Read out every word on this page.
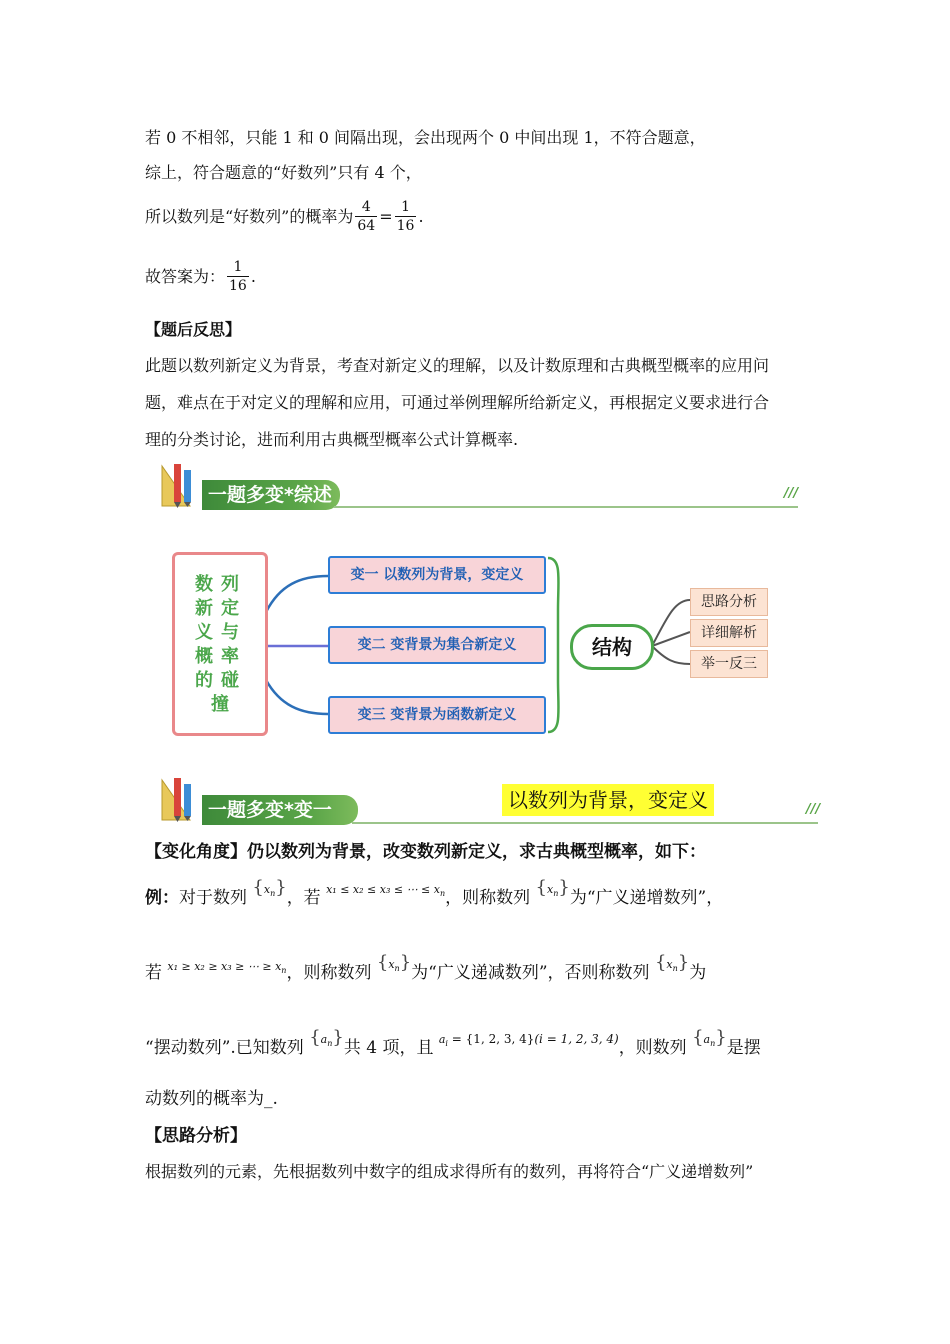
若 0 不相邻，只能 1 和 0 间隔出现，会出现两个 0 中间出现 1，不符合题意，
综上，符合题意的“好数列”只有 4 个，
所以数列是“好数列”的概率为 $\frac{4}{64} = \frac{1}{16}$ .
故答案为： $\frac{1}{16}$ .
【题后反思】
此题以数列新定义为背景，考查对新定义的理解，以及计数原理和古典概型概率的应用问
题，难点在于对定义的理解和应用，可通过举例理解所给新定义，再根据定义要求进行合
理的分类讨论，进而利用古典概型概率公式计算概率.
一题多变*综述	///
数 列
新 定
义 与
概 率
的 碰
撞
变一 以数列为背景，变定义
变二 变背景为集合新定义
变三 变背景为函数新定义
结构
思路分析
详细解析
举一反三
一题多变*变一	以数列为背景，变定义	///
【变化角度】仍以数列为背景，改变数列新定义，求古典概型概率，如下：
例：对于数列 $\{x_n\}$，若 $^{x_1 \le x_2 \le x_3 \le \cdots \le x_n}$，则称数列 $\{x_n\}$为“广义递增数列”，
若 $^{x_1 \ge x_2 \ge x_3 \ge \cdots \ge x_n}$，则称数列 $\{x_n\}$为“广义递减数列”，否则称数列 $\{x_n\}$为
“摆动数列”.已知数列 $\{a_n\}$共 4 项，且 $^{a_i = \{1, 2, 3, 4\}(i = 1, 2, 3, 4)}$，则数列 $\{a_n\}$是摆
动数列的概率为_.
【思路分析】
根据数列的元素，先根据数列中数字的组成求得所有的数列，再将符合“广义递增数列”
